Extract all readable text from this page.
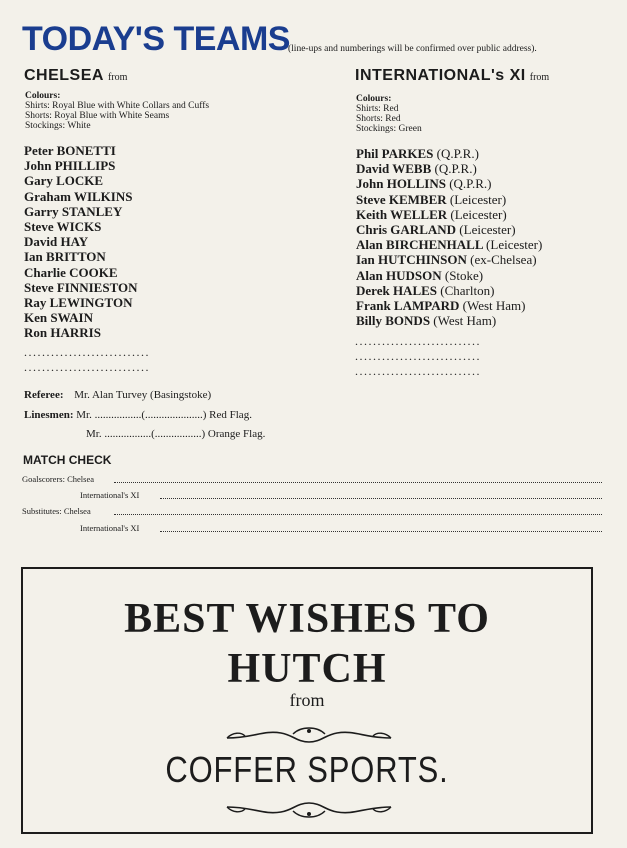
TODAY'S TEAMS
(line-ups and numberings will be confirmed over public address).
CHELSEA from
Colours:
Shirts: Royal Blue with White Collars and Cuffs
Shorts: Royal Blue with White Seams
Stockings: White
Peter BONETTI
John PHILLIPS
Gary LOCKE
Graham WILKINS
Garry STANLEY
Steve WICKS
David HAY
Ian BRITTON
Charlie COOKE
Steve FINNIESTON
Ray LEWINGTON
Ken SWAIN
Ron HARRIS
............................
............................
INTERNATIONAL's XI from
Colours:
Shirts: Red
Shorts: Red
Stockings: Green
Phil PARKES (Q.P.R.)
David WEBB (Q.P.R.)
John HOLLINS (Q.P.R.)
Steve KEMBER (Leicester)
Keith WELLER (Leicester)
Chris GARLAND (Leicester)
Alan BIRCHENHALL (Leicester)
Ian HUTCHINSON (ex-Chelsea)
Alan HUDSON (Stoke)
Derek HALES (Charlton)
Frank LAMPARD (West Ham)
Billy BONDS (West Ham)
............................
............................
............................
Referee: Mr. Alan Turvey (Basingstoke)
Linesmen: Mr. .................(.....................) Red Flag.
Mr. .................(.................) Orange Flag.
MATCH CHECK
Goalscorers: Chelsea
International's XI
Substitutes: Chelsea
International's XI
BEST WISHES TO
HUTCH
from
COFFER SPORTS.
